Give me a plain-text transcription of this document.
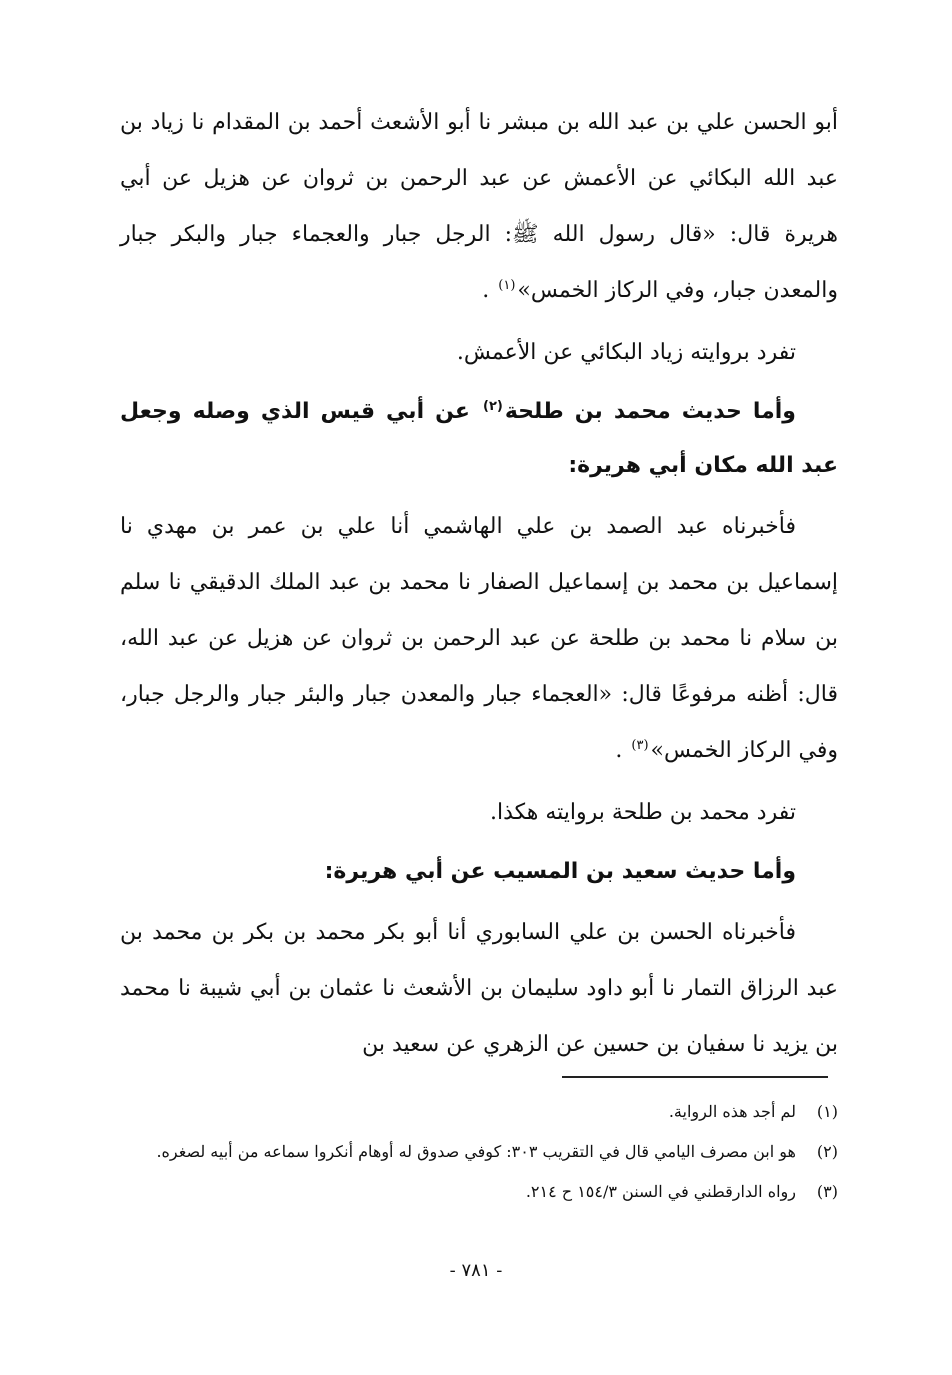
أبو الحسن علي بن عبد الله بن مبشر نا أبو الأشعث أحمد بن المقدام نا زياد بن عبد الله البكائي عن الأعمش عن عبد الرحمن بن ثروان عن هزيل عن أبي هريرة قال: «قال رسول الله ﷺ: الرجل جبار والعجماء جبار والبكر جبار والمعدن جبار، وفي الركاز الخمس»$^{(١)}$ .

تفرد بروايته زياد البكائي عن الأعمش.

وأما حديث محمد بن طلحة$^{(٢)}$ عن أبي قيس الذي وصله وجعل عبد الله مكان أبي هريرة:

فأخبرناه عبد الصمد بن علي الهاشمي أنا علي بن عمر بن مهدي نا إسماعيل بن محمد بن إسماعيل الصفار نا محمد بن عبد الملك الدقيقي نا سلم بن سلام نا محمد بن طلحة عن عبد الرحمن بن ثروان عن هزيل عن عبد الله، قال: أظنه مرفوعًا قال: «العجماء جبار والمعدن جبار والبئر جبار والرجل جبار، وفي الركاز الخمس»$^{(٣)}$ .

تفرد محمد بن طلحة بروايته هكذا.

وأما حديث سعيد بن المسيب عن أبي هريرة:

فأخبرناه الحسن بن علي السابوري أنا أبو بكر محمد بن بكر بن محمد بن عبد الرزاق التمار نا أبو داود سليمان بن الأشعث نا عثمان بن أبي شيبة نا محمد بن يزيد نا سفيان بن حسين عن الزهري عن سعيد بن

(١)
لم أجد هذه الرواية.
(٢)
هو ابن مصرف اليامي قال في التقريب ٣٠٣: كوفي صدوق له أوهام أنكروا سماعه من أبيه لصغره.
(٣)
رواه الدارقطني في السنن ١٥٤/٣ ح ٢١٤.
- ٧٨١ -
